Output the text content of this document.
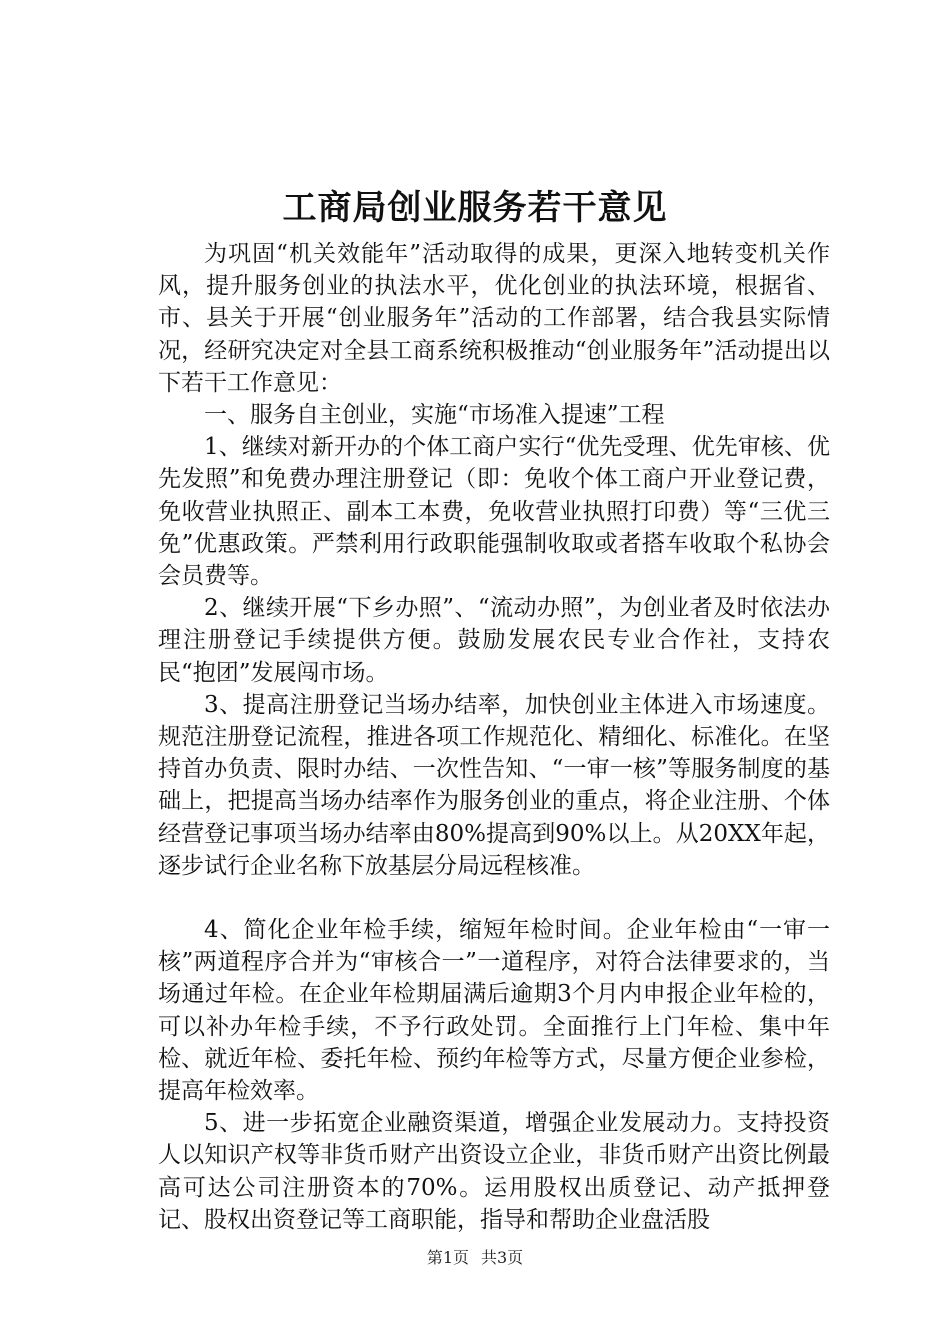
工商局创业服务若干意见

为巩固“机关效能年”活动取得的成果，更深入地转变机关作风，提升服务创业的执法水平，优化创业的执法环境，根据省、市、县关于开展“创业服务年”活动的工作部署，结合我县实际情况，经研究决定对全县工商系统积极推动“创业服务年”活动提出以下若干工作意见：

一、服务自主创业，实施“市场准入提速”工程

1、继续对新开办的个体工商户实行“优先受理、优先审核、优先发照”和免费办理注册登记（即：免收个体工商户开业登记费，免收营业执照正、副本工本费，免收营业执照打印费）等“三优三免”优惠政策。严禁利用行政职能强制收取或者搭车收取个私协会会员费等。

2、继续开展“下乡办照”、“流动办照”，为创业者及时依法办理注册登记手续提供方便。鼓励发展农民专业合作社，支持农民“抱团”发展闯市场。

3、提高注册登记当场办结率，加快创业主体进入市场速度。规范注册登记流程，推进各项工作规范化、精细化、标准化。在坚持首办负责、限时办结、一次性告知、“一审一核”等服务制度的基础上，把提高当场办结率作为服务创业的重点，将企业注册、个体经营登记事项当场办结率由80%提高到90%以上。从20XX年起，逐步试行企业名称下放基层分局远程核准。

4、简化企业年检手续，缩短年检时间。企业年检由“一审一核”两道程序合并为“审核合一”一道程序，对符合法律要求的，当场通过年检。在企业年检期届满后逾期3个月内申报企业年检的，可以补办年检手续，不予行政处罚。全面推行上门年检、集中年检、就近年检、委托年检、预约年检等方式，尽量方便企业参检，提高年检效率。

5、进一步拓宽企业融资渠道，增强企业发展动力。支持投资人以知识产权等非货币财产出资设立企业，非货币财产出资比例最高可达公司注册资本的70%。运用股权出质登记、动产抵押登记、股权出资登记等工商职能，指导和帮助企业盘活股

第1页 共3页
